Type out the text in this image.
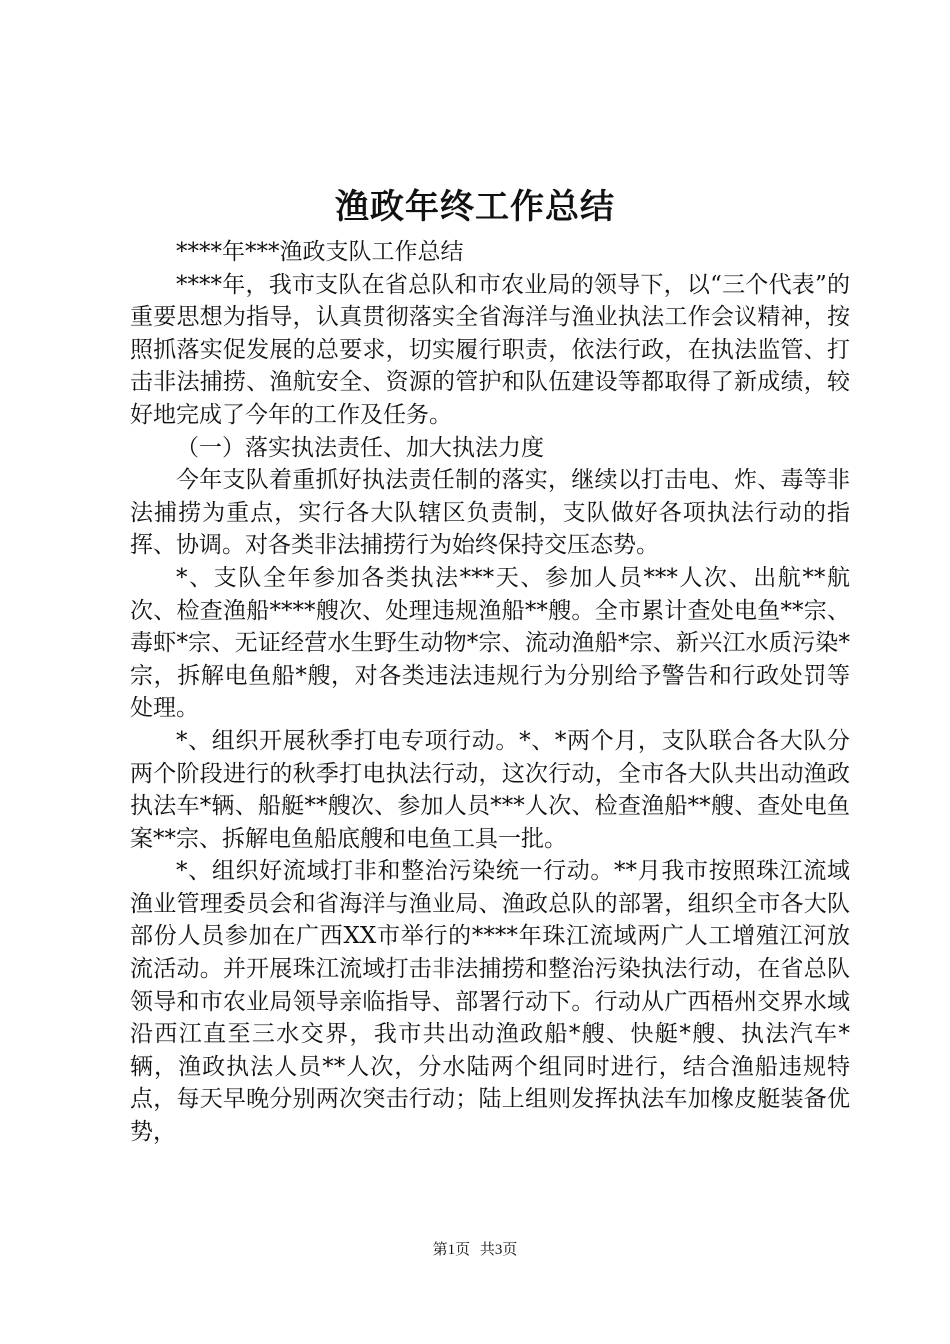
渔政年终工作总结

****年***渔政支队工作总结

****年，我市支队在省总队和市农业局的领导下，以“三个代表”的重要思想为指导，认真贯彻落实全省海洋与渔业执法工作会议精神，按照抓落实促发展的总要求，切实履行职责，依法行政，在执法监管、打击非法捕捞、渔航安全、资源的管护和队伍建设等都取得了新成绩，较好地完成了今年的工作及任务。

（一）落实执法责任、加大执法力度

今年支队着重抓好执法责任制的落实，继续以打击电、炸、毒等非法捕捞为重点，实行各大队辖区负责制，支队做好各项执法行动的指挥、协调。对各类非法捕捞行为始终保持交压态势。

*、支队全年参加各类执法***天、参加人员***人次、出航**航次、检查渔船****艘次、处理违规渔船**艘。全市累计查处电鱼**宗、毒虾*宗、无证经营水生野生动物*宗、流动渔船*宗、新兴江水质污染*宗，拆解电鱼船*艘，对各类违法违规行为分别给予警告和行政处罚等处理。

*、组织开展秋季打电专项行动。*、*两个月，支队联合各大队分两个阶段进行的秋季打电执法行动，这次行动，全市各大队共出动渔政执法车*辆、船艇**艘次、参加人员***人次、检查渔船**艘、查处电鱼案**宗、拆解电鱼船底艘和电鱼工具一批。

*、组织好流域打非和整治污染统一行动。**月我市按照珠江流域渔业管理委员会和省海洋与渔业局、渔政总队的部署，组织全市各大队部份人员参加在广西XX市举行的****年珠江流域两广人工增殖江河放流活动。并开展珠江流域打击非法捕捞和整治污染执法行动，在省总队领导和市农业局领导亲临指导、部署行动下。行动从广西梧州交界水域沿西江直至三水交界，我市共出动渔政船*艘、快艇*艘、执法汽车*辆，渔政执法人员**人次，分水陆两个组同时进行，结合渔船违规特点，每天早晚分别两次突击行动；陆上组则发挥执法车加橡皮艇装备优势，

第1页 共3页
